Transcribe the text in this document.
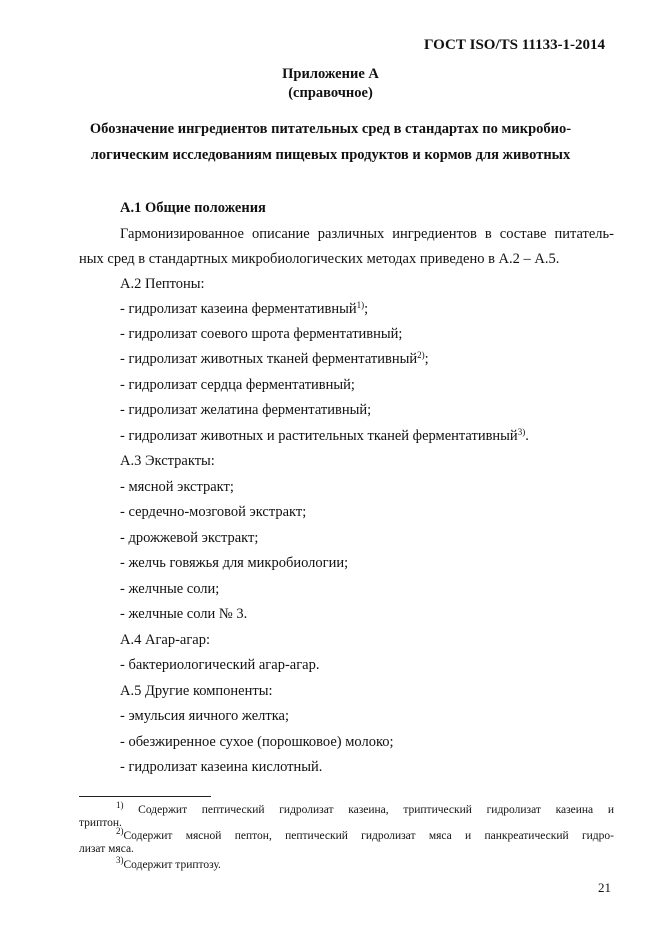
ГОСТ ISO/TS 11133-1-2014
Приложение А
(справочное)
Обозначение ингредиентов питательных сред в стандартах по микробио-
логическим исследованиям пищевых продуктов и кормов для животных
А.1 Общие положения
Гармонизированное описание различных ингредиентов в составе питатель-
ных сред в стандартных микробиологических методах приведено в А.2 – А.5.
А.2 Пептоны:
- гидролизат казеина ферментативный$^{1)}$;
- гидролизат соевого шрота ферментативный;
- гидролизат животных тканей ферментативный$^{2)}$;
- гидролизат сердца ферментативный;
- гидролизат желатина ферментативный;
- гидролизат животных и растительных тканей ферментативный$^{3)}$.
А.3 Экстракты:
- мясной экстракт;
- сердечно-мозговой экстракт;
- дрожжевой экстракт;
- желчь говяжья для микробиологии;
- желчные соли;
- желчные соли № 3.
А.4 Агар-агар:
- бактериологический агар-агар.
А.5 Другие компоненты:
- эмульсия яичного желтка;
- обезжиренное сухое (порошковое) молоко;
- гидролизат казеина кислотный.
$^{1)}$ Содержит пептический гидролизат казеина, триптический гидролизат казеина и
триптон.
$^{2)}$Содержит мясной пептон, пептический гидролизат мяса и панкреатический гидро-
лизат мяса.
$^{3)}$Содержит триптозу.
21
